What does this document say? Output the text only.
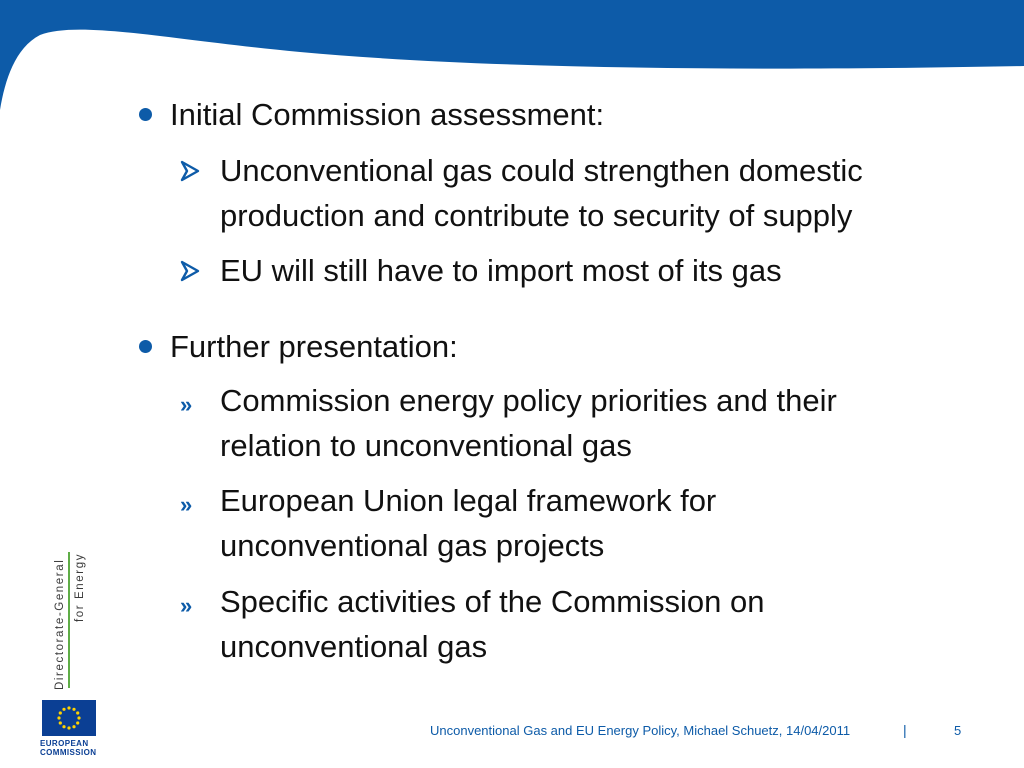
Initial Commission assessment:
Unconventional gas could strengthen domestic
production and contribute to security of supply
EU will still have to import most of its gas
Further presentation:
» Commission energy policy priorities and their
relation to unconventional gas
» European Union legal framework for
unconventional gas projects
» Specific activities of the Commission on
unconventional gas
Directorate-General for Energy
EUROPEAN
COMMISSION
Unconventional Gas and EU Energy Policy, Michael Schuetz, 14/04/2011	|	5
